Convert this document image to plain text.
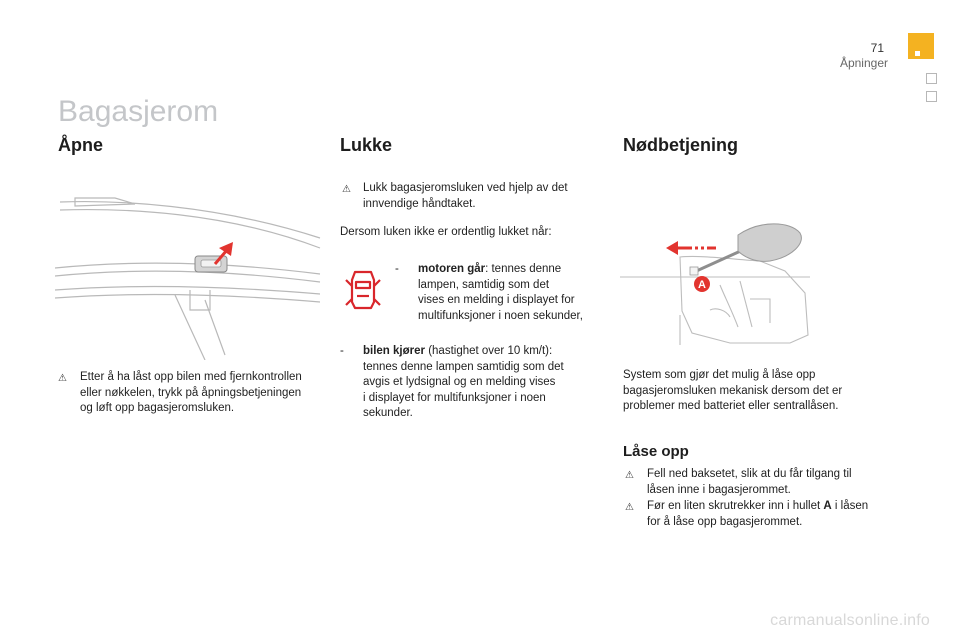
71
Åpninger
Bagasjerom
Åpne
⚠︎ Etter å ha låst opp bilen med fjernkontrollen
eller nøkkelen, trykk på åpningsbetjeningen
og løft opp bagasjeromsluken.
Lukke
⚠︎ Lukk bagasjeromsluken ved hjelp av det
innvendige håndtaket.
Dersom luken ikke er ordentlig lukket når:
- motoren går: tennes denne
lampen, samtidig som det
vises en melding i displayet for
multifunksjoner i noen sekunder,
- bilen kjører (hastighet over 10 km/t):
tennes denne lampen samtidig som det
avgis et lydsignal og en melding vises
i displayet for multifunksjoner i noen
sekunder.
Nødbetjening
A
System som gjør det mulig å låse opp
bagasjeromsluken mekanisk dersom det er
problemer med batteriet eller sentrallåsen.
Låse opp
⚠︎ Fell ned baksetet, slik at du får tilgang til
låsen inne i bagasjerommet.
⚠︎ Før en liten skrutrekker inn i hullet A i låsen
for å låse opp bagasjerommet.
carmanualsonline.info
